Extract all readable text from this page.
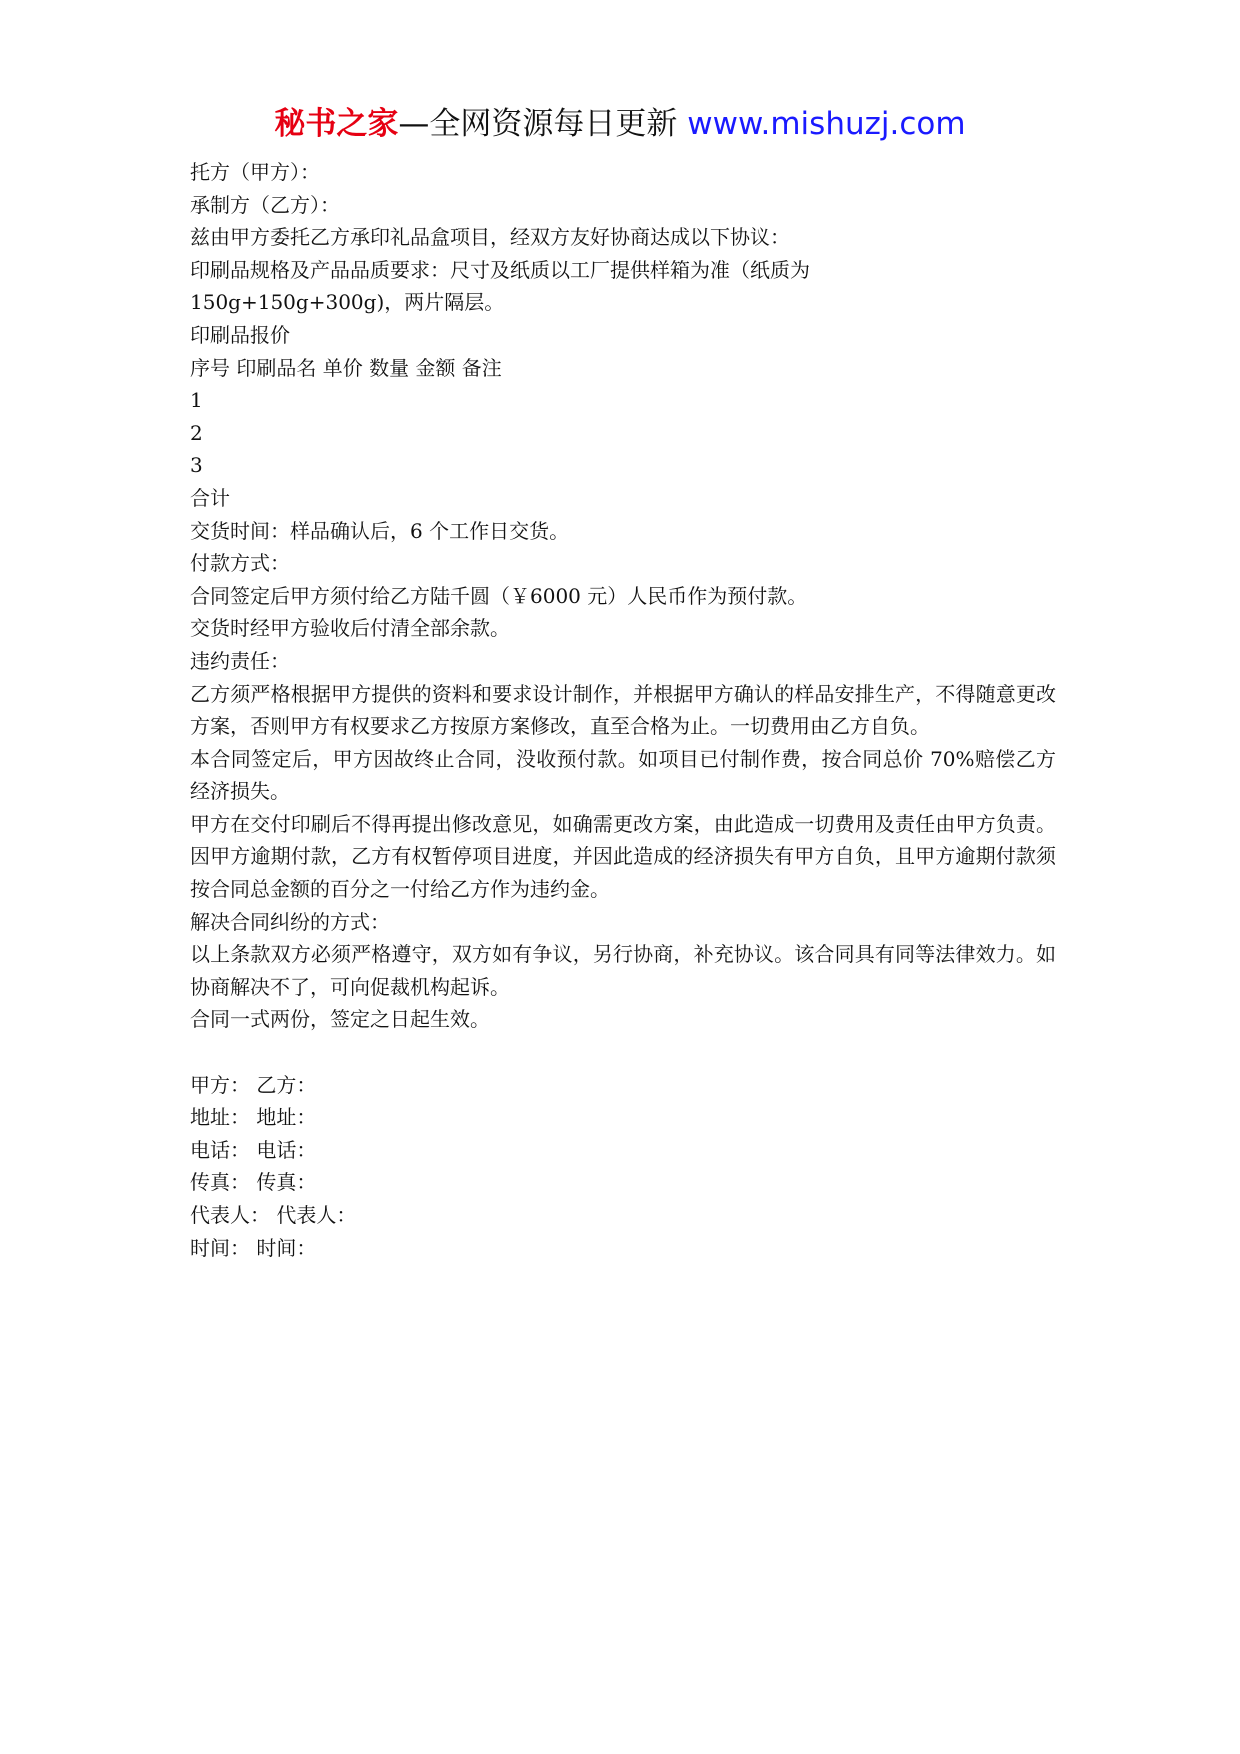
秘书之家—全网资源每日更新 www.mishuzj.com

托方（甲方）：

承制方（乙方）：

兹由甲方委托乙方承印礼品盒项目，经双方友好协商达成以下协议：

印刷品规格及产品品质要求：尺寸及纸质以工厂提供样箱为准（纸质为

150g+150g+300g)，两片隔层。

印刷品报价

序号 印刷品名 单价 数量 金额 备注

1

2

3

合计

交货时间：样品确认后，6 个工作日交货。

付款方式：

合同签定后甲方须付给乙方陆千圆（￥6000 元）人民币作为预付款。

交货时经甲方验收后付清全部余款。

违约责任：

乙方须严格根据甲方提供的资料和要求设计制作，并根据甲方确认的样品安排生产，不得随意更改方案，否则甲方有权要求乙方按原方案修改，直至合格为止。一切费用由乙方自负。

本合同签定后，甲方因故终止合同，没收预付款。如项目已付制作费，按合同总价 70%赔偿乙方经济损失。

甲方在交付印刷后不得再提出修改意见，如确需更改方案，由此造成一切费用及责任由甲方负责。因甲方逾期付款，乙方有权暂停项目进度，并因此造成的经济损失有甲方自负，且甲方逾期付款须按合同总金额的百分之一付给乙方作为违约金。

解决合同纠纷的方式：

以上条款双方必须严格遵守，双方如有争议，另行协商，补充协议。该合同具有同等法律效力。如协商解决不了，可向促裁机构起诉。

合同一式两份，签定之日起生效。

甲方： 乙方：

地址： 地址：

电话： 电话：

传真： 传真：

代表人： 代表人：

时间： 时间：
